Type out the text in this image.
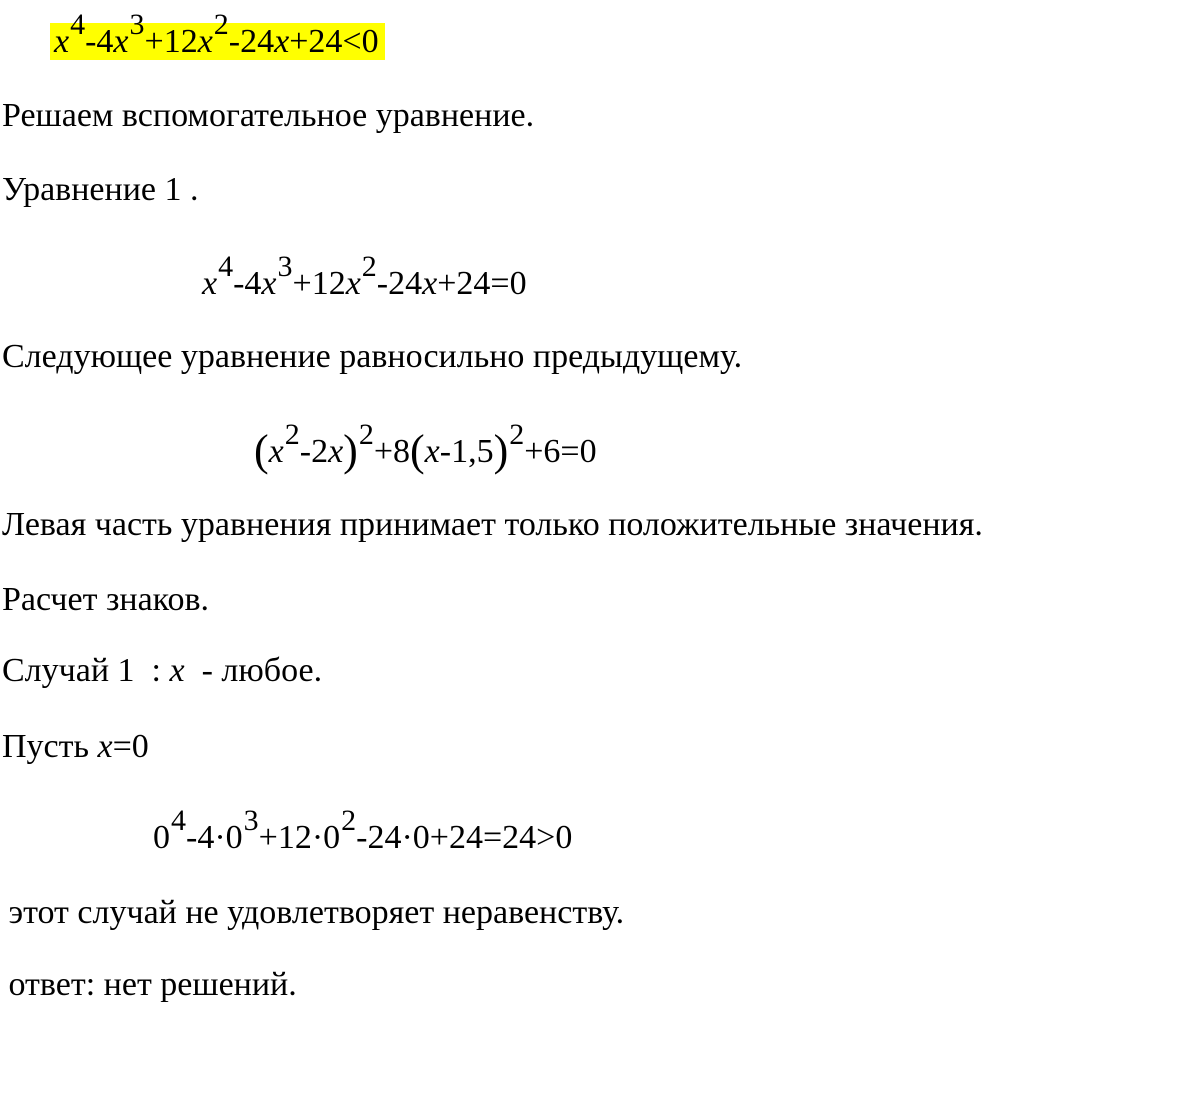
$x^4-4x^3+12x^2-24x+24<0$
Решаем вспомогательное уравнение.
Уравнение 1 .
$x^4-4x^3+12x^2-24x+24=0$
Следующее уравнение равносильно предыдущему.
$(x^2-2x)^2+8(x-1,5)^2+6=0$
Левая часть уравнения принимает только положительные значения.
Расчет знаков.
Случай 1  : x  - любое.
Пусть x=0
$0^4-4\cdot 0^3+12\cdot 0^2-24\cdot 0+24=24>0$
этот случай не удовлетворяет неравенству.
ответ: нет решений.
